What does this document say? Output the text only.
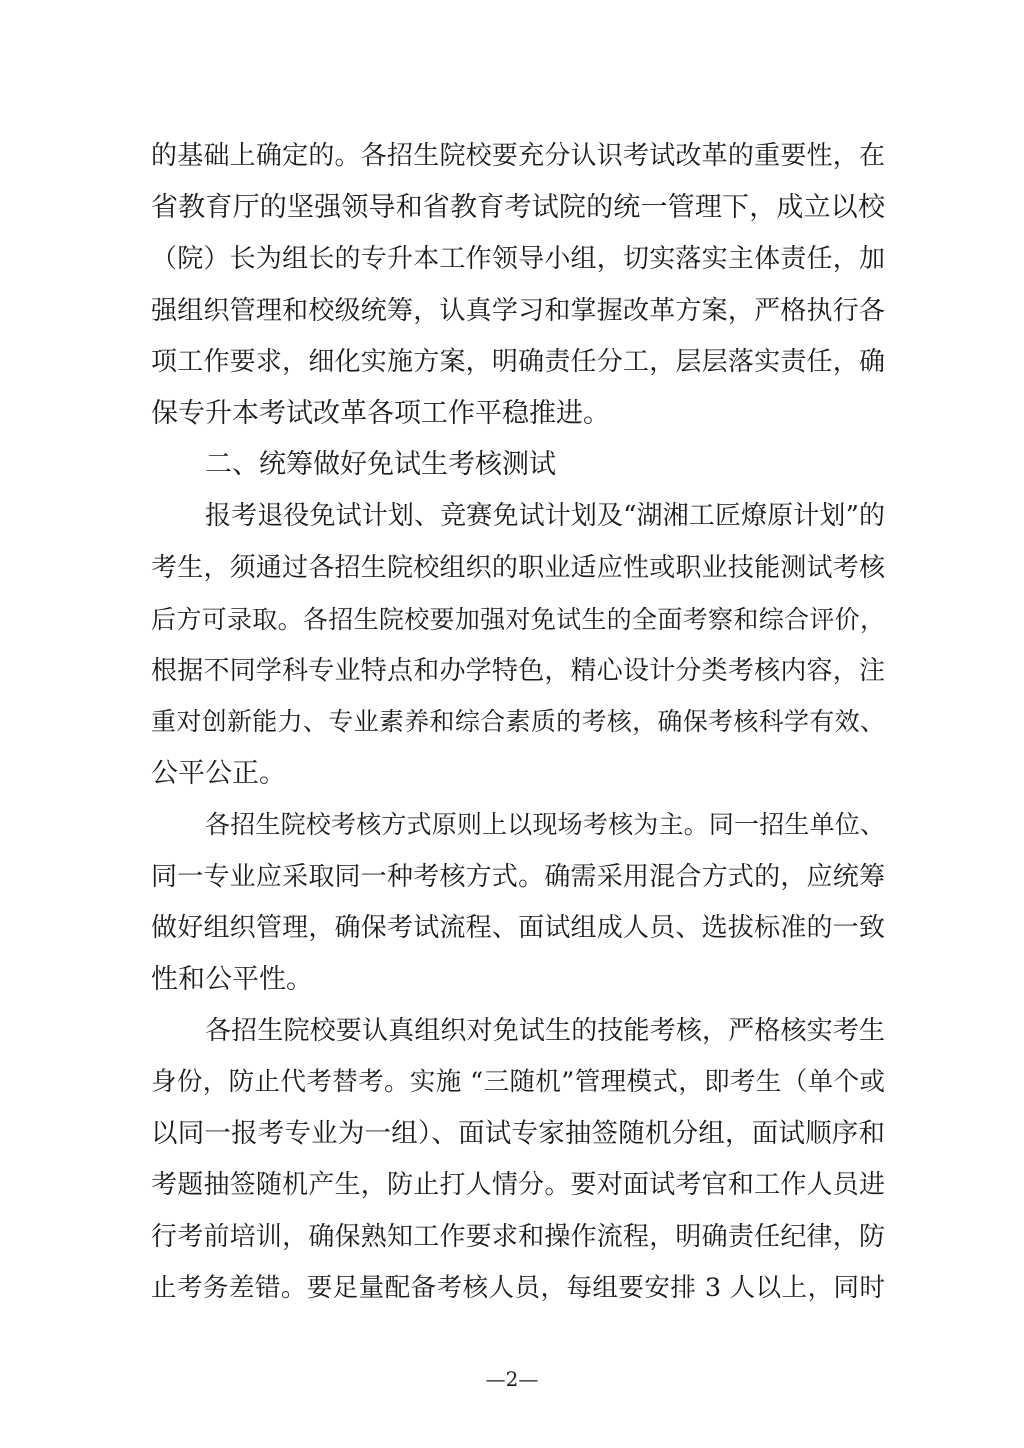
的基础上确定的。各招生院校要充分认识考试改革的重要性，在
省教育厅的坚强领导和省教育考试院的统一管理下，成立以校
（院）长为组长的专升本工作领导小组，切实落实主体责任，加
强组织管理和校级统筹，认真学习和掌握改革方案，严格执行各
项工作要求，细化实施方案，明确责任分工，层层落实责任，确
保专升本考试改革各项工作平稳推进。
二、统筹做好免试生考核测试
报考退役免试计划、竞赛免试计划及“湖湘工匠燎原计划”的
考生，须通过各招生院校组织的职业适应性或职业技能测试考核
后方可录取。各招生院校要加强对免试生的全面考察和综合评价，
根据不同学科专业特点和办学特色，精心设计分类考核内容，注
重对创新能力、专业素养和综合素质的考核，确保考核科学有效、
公平公正。
各招生院校考核方式原则上以现场考核为主。同一招生单位、
同一专业应采取同一种考核方式。确需采用混合方式的，应统筹
做好组织管理，确保考试流程、面试组成人员、选拔标准的一致
性和公平性。
各招生院校要认真组织对免试生的技能考核，严格核实考生
身份，防止代考替考。实施 “三随机”管理模式，即考生（单个或
以同一报考专业为一组）、面试专家抽签随机分组，面试顺序和
考题抽签随机产生，防止打人情分。要对面试考官和工作人员进
行考前培训，确保熟知工作要求和操作流程，明确责任纪律，防
止考务差错。要足量配备考核人员，每组要安排 3 人以上，同时
—2—
